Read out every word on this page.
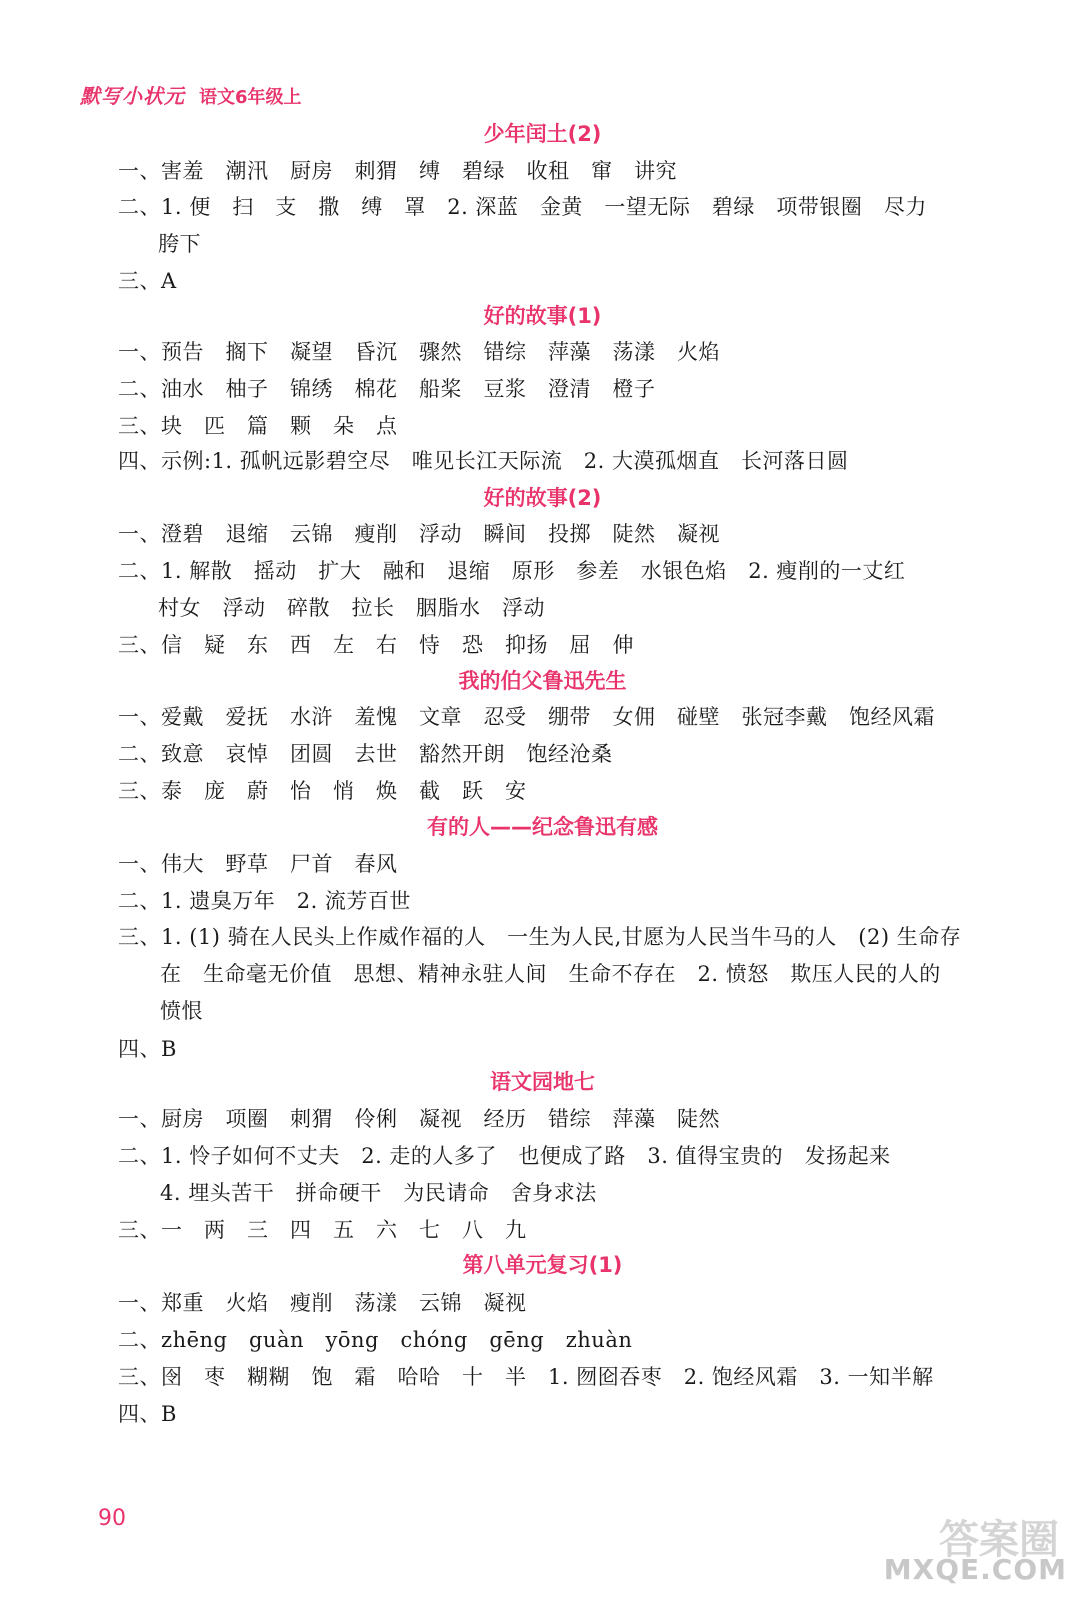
默写小状元 语文6年级上
少年闰土(2)
一、害羞　潮汛　厨房　刺猬　缚　碧绿　收租　窜　讲究
二、1. 便　扫　支　撒　缚　罩　2. 深蓝　金黄　一望无际　碧绿　项带银圈　尽力
胯下
三、A
好的故事(1)
一、预告　搁下　凝望　昏沉　骤然　错综　萍藻　荡漾　火焰
二、油水　柚子　锦绣　棉花　船桨　豆浆　澄清　橙子
三、块　匹　篇　颗　朵　点
四、示例:1. 孤帆远影碧空尽　唯见长江天际流　2. 大漠孤烟直　长河落日圆
好的故事(2)
一、澄碧　退缩　云锦　瘦削　浮动　瞬间　投掷　陡然　凝视
二、1. 解散　摇动　扩大　融和　退缩　原形　参差　水银色焰　2. 瘦削的一丈红
村女　浮动　碎散　拉长　胭脂水　浮动
三、信　疑　东　西　左　右　恃　恐　抑扬　屈　伸
我的伯父鲁迅先生
一、爱戴　爱抚　水浒　羞愧　文章　忍受　绷带　女佣　碰壁　张冠李戴　饱经风霜
二、致意　哀悼　团圆　去世　豁然开朗　饱经沧桑
三、泰　庞　蔚　怡　悄　焕　截　跃　安
有的人——纪念鲁迅有感
一、伟大　野草　尸首　春风
二、1. 遗臭万年　2. 流芳百世
三、1. (1) 骑在人民头上作威作福的人　一生为人民,甘愿为人民当牛马的人　(2) 生命存
在　生命毫无价值　思想、精神永驻人间　生命不存在　2. 愤怒　欺压人民的人的
愤恨
四、B
语文园地七
一、厨房　项圈　刺猬　伶俐　凝视　经历　错综　萍藻　陡然
二、1. 怜子如何不丈夫　2. 走的人多了　也便成了路　3. 值得宝贵的　发扬起来
4. 埋头苦干　拼命硬干　为民请命　舍身求法
三、一　两　三　四　五　六　七　八　九
第八单元复习(1)
一、郑重　火焰　瘦削　荡漾　云锦　凝视
二、zhēng　guàn　yōng　chóng　gēng　zhuàn
三、囹　枣　糊糊　饱　霜　哈哈　十　半　1. 囫囵吞枣　2. 饱经风霜　3. 一知半解
四、B
90	答案圈
MXQE.COM
